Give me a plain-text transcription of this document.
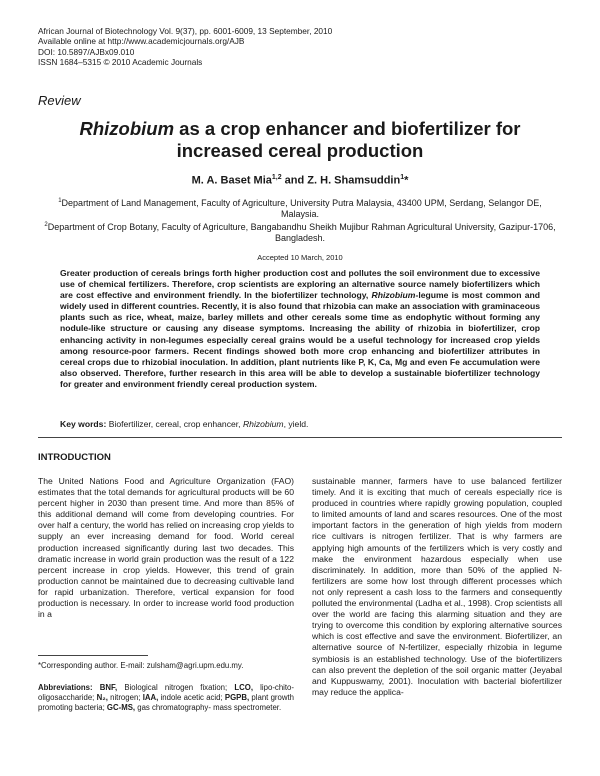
African Journal of Biotechnology Vol. 9(37), pp. 6001-6009, 13 September, 2010
Available online at http://www.academicjournals.org/AJB
DOI: 10.5897/AJBx09.010
ISSN 1684–5315 © 2010 Academic Journals
Review
Rhizobium as a crop enhancer and biofertilizer for increased cereal production
M. A. Baset Mia$^{1,2}$ and Z. H. Shamsuddin$^1$*
$^1$Department of Land Management, Faculty of Agriculture, University Putra Malaysia, 43400 UPM, Serdang, Selangor DE, Malaysia.
$^2$Department of Crop Botany, Faculty of Agriculture, Bangabandhu Sheikh Mujibur Rahman Agricultural University, Gazipur-1706, Bangladesh.
Accepted 10 March, 2010
Greater production of cereals brings forth higher production cost and pollutes the soil environment due to excessive use of chemical fertilizers. Therefore, crop scientists are exploring an alternative source namely biofertilizers which are cost effective and environment friendly. In the biofertilizer technology, Rhizobium-legume is most common and widely used in different countries. Recently, it is also found that rhizobia can make an association with graminaceous plants such as rice, wheat, maize, barley millets and other cereals some time as endophytic without forming any nodule-like structure or causing any disease symptoms. Increasing the ability of rhizobia in biofertilizer, crop enhancing activity in non-legumes especially cereal grains would be a useful technology for increased crop yields among resource-poor farmers. Recent findings showed both more crop enhancing and biofertilizer attributes in cereal crops due to rhizobial inoculation. In addition, plant nutrients like P, K, Ca, Mg and even Fe accumulation were also observed. Therefore, further research in this area will be able to develop a sustainable biofertilizer technology for greater and environment friendly cereal production system.
Key words: Biofertilizer, cereal, crop enhancer, Rhizobium, yield.
INTRODUCTION
The United Nations Food and Agriculture Organization (FAO) estimates that the total demands for agricultural products will be 60 percent higher in 2030 than present time. And more than 85% of this additional demand will come from developing countries. For over half a century, the world has relied on increasing crop yields to supply an ever increasing demand for food. World cereal production increased significantly during last two decades. This dramatic increase in world grain production was the result of a 122 percent increase in crop yields. However, this trend of grain production cannot be maintained due to decreasing cultivable land for rapid urbanization. Therefore, vertical expansion for food production is necessary. In order to increase world food production in a
sustainable manner, farmers have to use balanced fertilizer timely. And it is exciting that much of cereals especially rice is produced in countries where rapidly growing population, coupled to limited amounts of land and scares resources. One of the most important factors in the generation of high yields from modern rice cultivars is nitrogen fertilizer. That is why farmers are applying high amounts of the fertilizers which is very costly and make the environment hazardous especially when use discriminately. In addition, more than 50% of the applied N-fertilizers are some how lost through different processes which not only represent a cash loss to the farmers and consequently polluted the environmental (Ladha et al., 1998). Crop scientists all over the world are facing this alarming situation and they are trying to overcome this condition by exploring alternative sources which is cost effective and save the environment. Biofertilizer, an alternative source of N-fertilizer, especially rhizobia in legume symbiosis is an established technology. Use of the biofertilizers can also prevent the depletion of the soil organic matter (Jeyabal and Kuppuswamy, 2001). Inoculation with bacterial biofertilizer may reduce the applica-
*Corresponding author. E-mail: zulsham@agri.upm.edu.my.
Abbreviations: BNF, Biological nitrogen fixation; LCO, lipo-chito-oligosaccharide; N₂, nitrogen; IAA, indole acetic acid; PGPB, plant growth promoting bacteria; GC-MS, gas chromatography- mass spectrometer.
